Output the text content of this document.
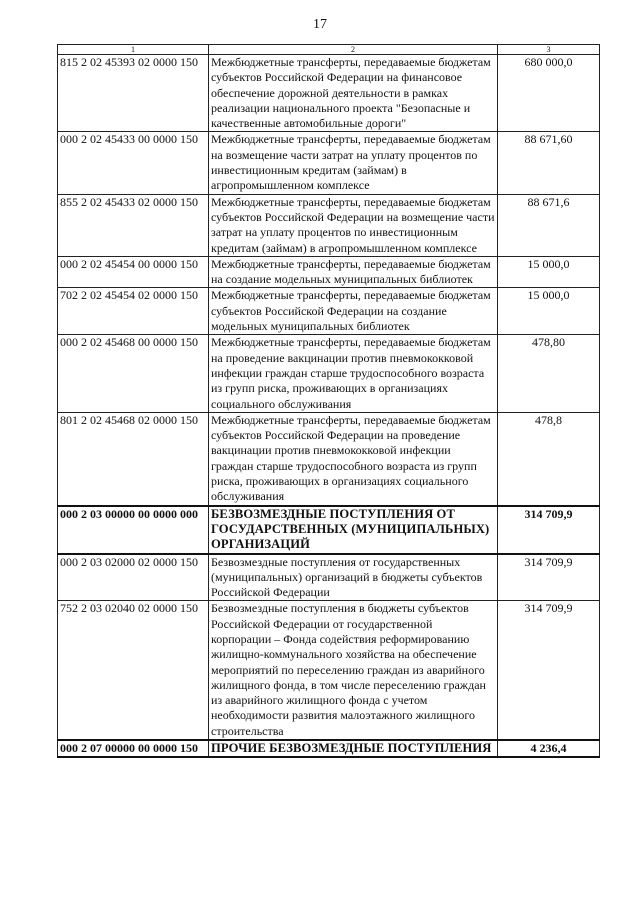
17
1	2	3
815 2 02 45393 02 0000 150	Межбюджетные трансферты, передаваемые бюджетам субъектов Российской Федерации на финансовое обеспечение дорожной деятельности в рамках реализации национального проекта "Безопасные и качественные автомобильные дороги"	680 000,0
000 2 02 45433 00 0000 150	Межбюджетные трансферты, передаваемые бюджетам на возмещение части затрат на уплату процентов по инвестиционным кредитам (займам) в агропромышленном комплексе	88 671,60
855 2 02 45433 02 0000 150	Межбюджетные трансферты, передаваемые бюджетам субъектов Российской Федерации на возмещение части затрат на уплату процентов по инвестиционным кредитам (займам) в агропромышленном комплексе	88 671,6
000 2 02 45454 00 0000 150	Межбюджетные трансферты, передаваемые бюджетам на создание модельных муниципальных библиотек	15 000,0
702 2 02 45454 02 0000 150	Межбюджетные трансферты, передаваемые бюджетам субъектов Российской Федерации на создание модельных муниципальных библиотек	15 000,0
000 2 02 45468 00 0000 150	Межбюджетные трансферты, передаваемые бюджетам на проведение вакцинации против пневмококковой инфекции граждан старше трудоспособного возраста из групп риска, проживающих в организациях социального обслуживания	478,80
801 2 02 45468 02 0000 150	Межбюджетные трансферты, передаваемые бюджетам субъектов Российской Федерации на проведение вакцинации против пневмококковой инфекции граждан старше трудоспособного возраста из групп риска, проживающих в организациях социального обслуживания	478,8
000 2 03 00000 00 0000 000	БЕЗВОЗМЕЗДНЫЕ ПОСТУПЛЕНИЯ ОТ ГОСУДАРСТВЕННЫХ (МУНИЦИПАЛЬНЫХ) ОРГАНИЗАЦИЙ	314 709,9
000 2 03 02000 02 0000 150	Безвозмездные поступления от государственных (муниципальных) организаций в бюджеты субъектов Российской Федерации	314 709,9
752 2 03 02040 02 0000 150	Безвозмездные поступления в бюджеты субъектов Российской Федерации от государственной корпорации – Фонда содействия реформированию жилищно-коммунального хозяйства на обеспечение мероприятий по переселению граждан из аварийного жилищного фонда, в том числе переселению граждан из аварийного жилищного фонда с учетом необходимости развития малоэтажного жилищного строительства	314 709,9
000 2 07 00000 00 0000 150	ПРОЧИЕ БЕЗВОЗМЕЗДНЫЕ ПОСТУПЛЕНИЯ	4 236,4
